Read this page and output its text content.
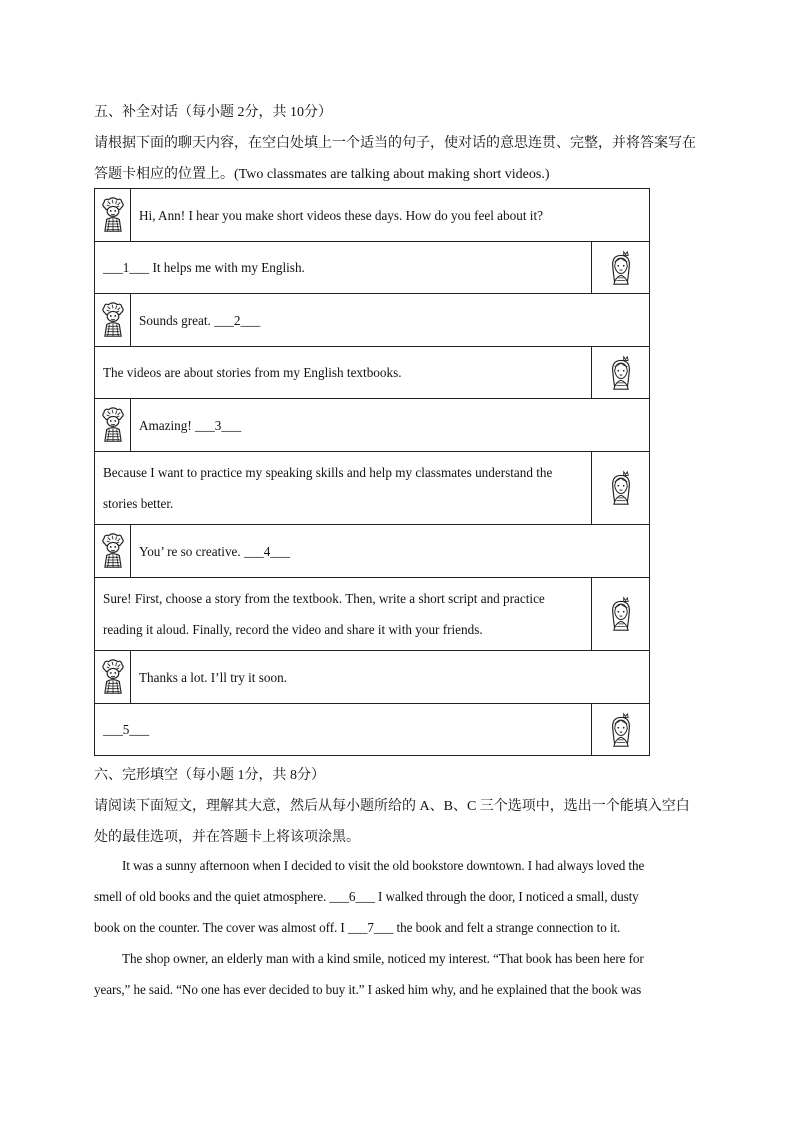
五、补全对话（每小题 2分，共 10分）
请根据下面的聊天内容，在空白处填上一个适当的句子，使对话的意思连贯、完整，并将答案写在
答题卡相应的位置上。(Two classmates are talking about making short videos.)
	Hi, Ann! I hear you make short videos these days. How do you feel about it?	
___1___ It helps me with my English.	

	Sounds great. ___2___	
The videos are about stories from my English textbooks.	

	Amazing! ___3___	

Because I want to practice my speaking skills and help my classmates understand the
stories better.

	You’ re so creative. ___4___	

Sure! First, choose a story from the textbook. Then, write a short script and practice
reading it aloud. Finally, record the video and share it with your friends.

	Thanks a lot. I’ll try it soon.	
___5___	
六、完形填空（每小题 1分，共 8分）
请阅读下面短文，理解其大意，然后从每小题所给的 A、B、C 三个选项中，选出一个能填入空白
处的最佳选项，并在答题卡上将该项涂黑。
It was a sunny afternoon when I decided to visit the old bookstore downtown. I had always loved the
smell of old books and the quiet atmosphere. ___6___ I walked through the door, I noticed a small, dusty
book on the counter. The cover was almost off. I ___7___ the book and felt a strange connection to it.
The shop owner, an elderly man with a kind smile, noticed my interest. “That book has been here for
years,” he said. “No one has ever decided to buy it.” I asked him why, and he explained that the book was
